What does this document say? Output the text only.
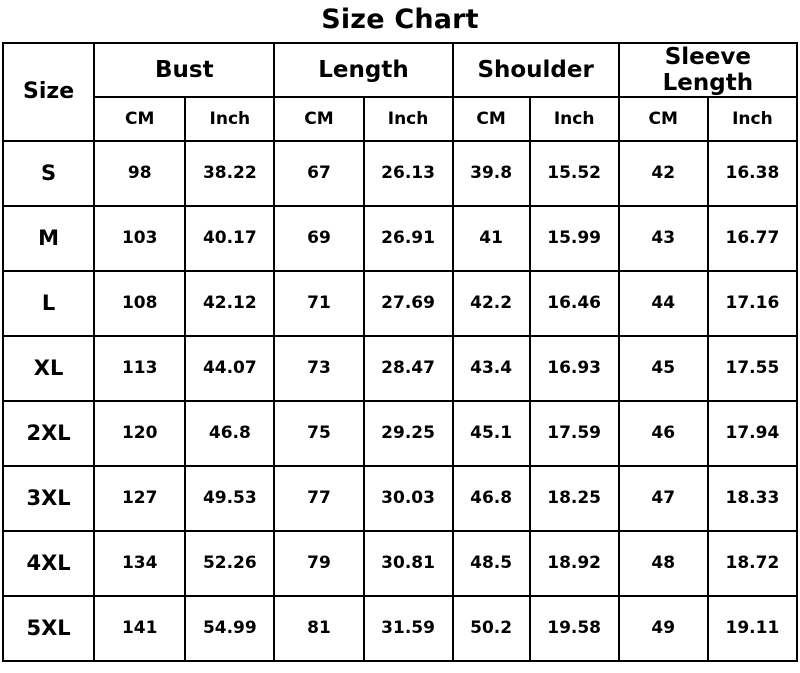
Size Chart
Size	Bust		Length		Shoulder		Sleeve Length	
	CM	Inch	CM	Inch	CM	Inch	CM	Inch
S	98	38.22	67	26.13	39.8	15.52	42	16.38
M	103	40.17	69	26.91	41	15.99	43	16.77
L	108	42.12	71	27.69	42.2	16.46	44	17.16
XL	113	44.07	73	28.47	43.4	16.93	45	17.55
2XL	120	46.8	75	29.25	45.1	17.59	46	17.94
3XL	127	49.53	77	30.03	46.8	18.25	47	18.33
4XL	134	52.26	79	30.81	48.5	18.92	48	18.72
5XL	141	54.99	81	31.59	50.2	19.58	49	19.11
